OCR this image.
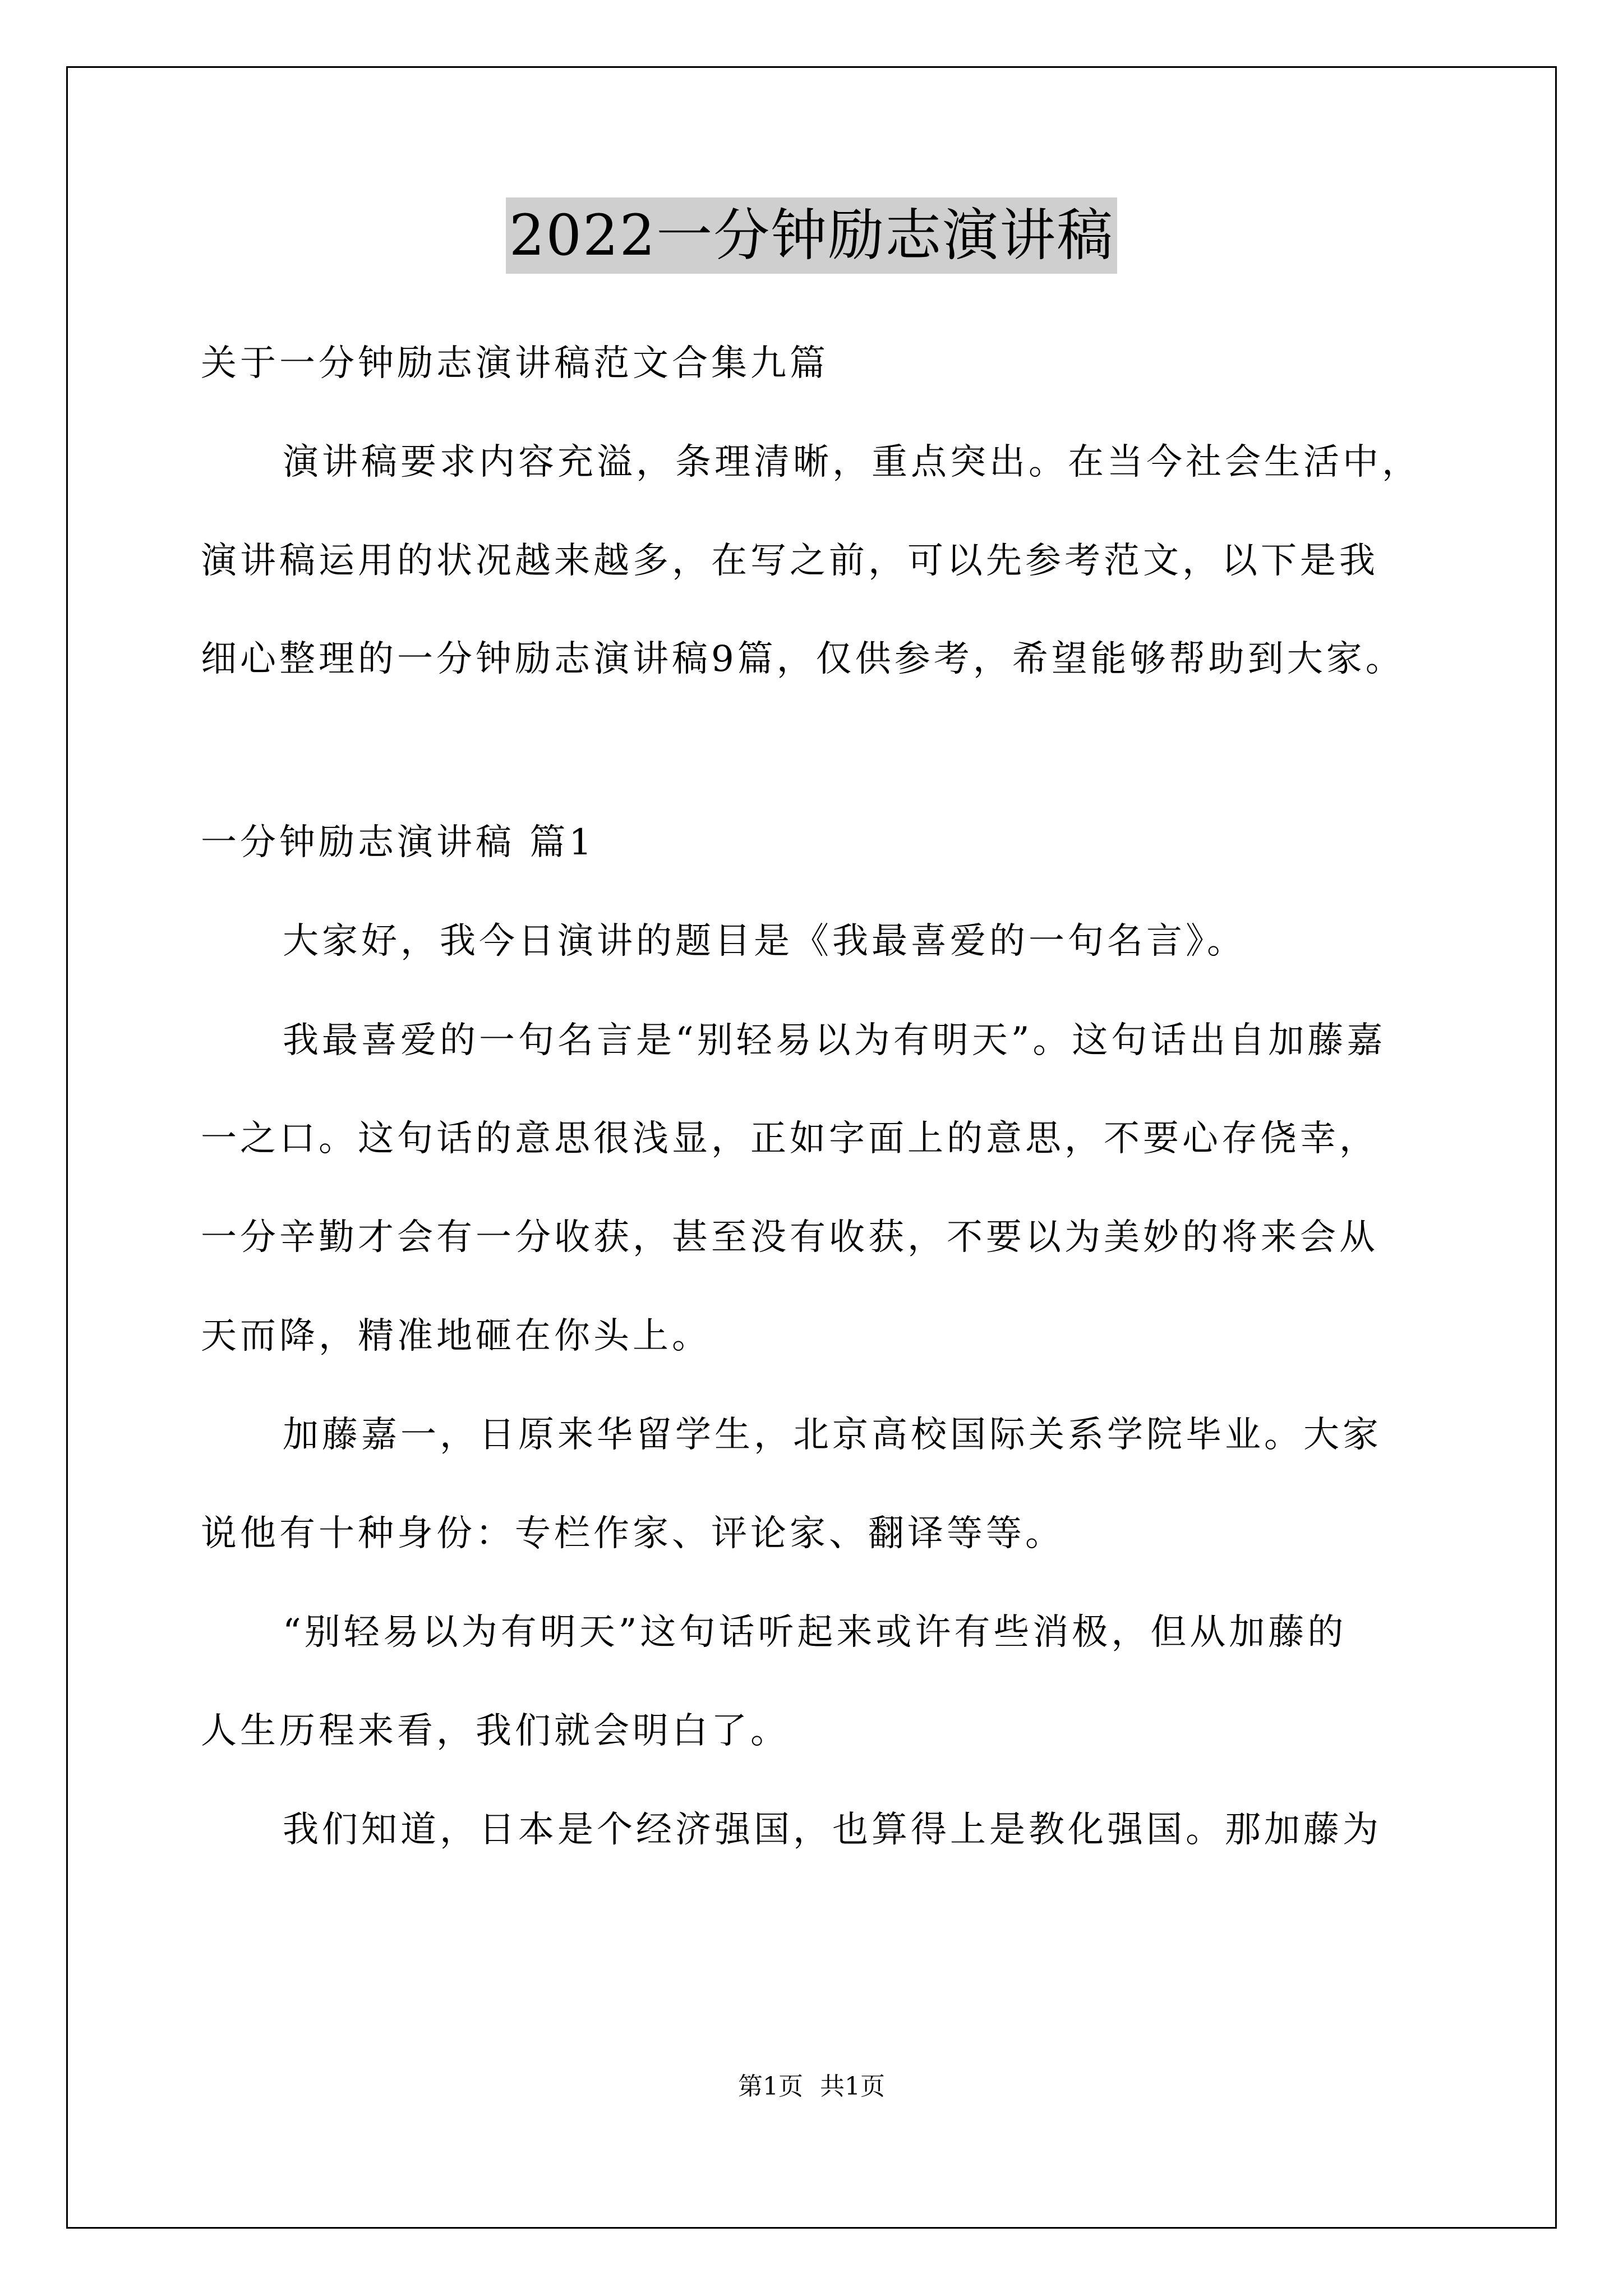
2022一分钟励志演讲稿
关于一分钟励志演讲稿范文合集九篇
演讲稿要求内容充溢，条理清晰，重点突出。在当今社会生活中，
演讲稿运用的状况越来越多，在写之前，可以先参考范文，以下是我
细心整理的一分钟励志演讲稿9篇，仅供参考，希望能够帮助到大家。
一分钟励志演讲稿 篇1
大家好，我今日演讲的题目是《我最喜爱的一句名言》。
我最喜爱的一句名言是“别轻易以为有明天”。这句话出自加藤嘉
一之口。这句话的意思很浅显，正如字面上的意思，不要心存侥幸，
一分辛勤才会有一分收获，甚至没有收获，不要以为美妙的将来会从
天而降，精准地砸在你头上。
加藤嘉一，日原来华留学生，北京高校国际关系学院毕业。大家
说他有十种身份：专栏作家、评论家、翻译等等。
“别轻易以为有明天”这句话听起来或许有些消极，但从加藤的
人生历程来看，我们就会明白了。
我们知道，日本是个经济强国，也算得上是教化强国。那加藤为
第1页 共1页
